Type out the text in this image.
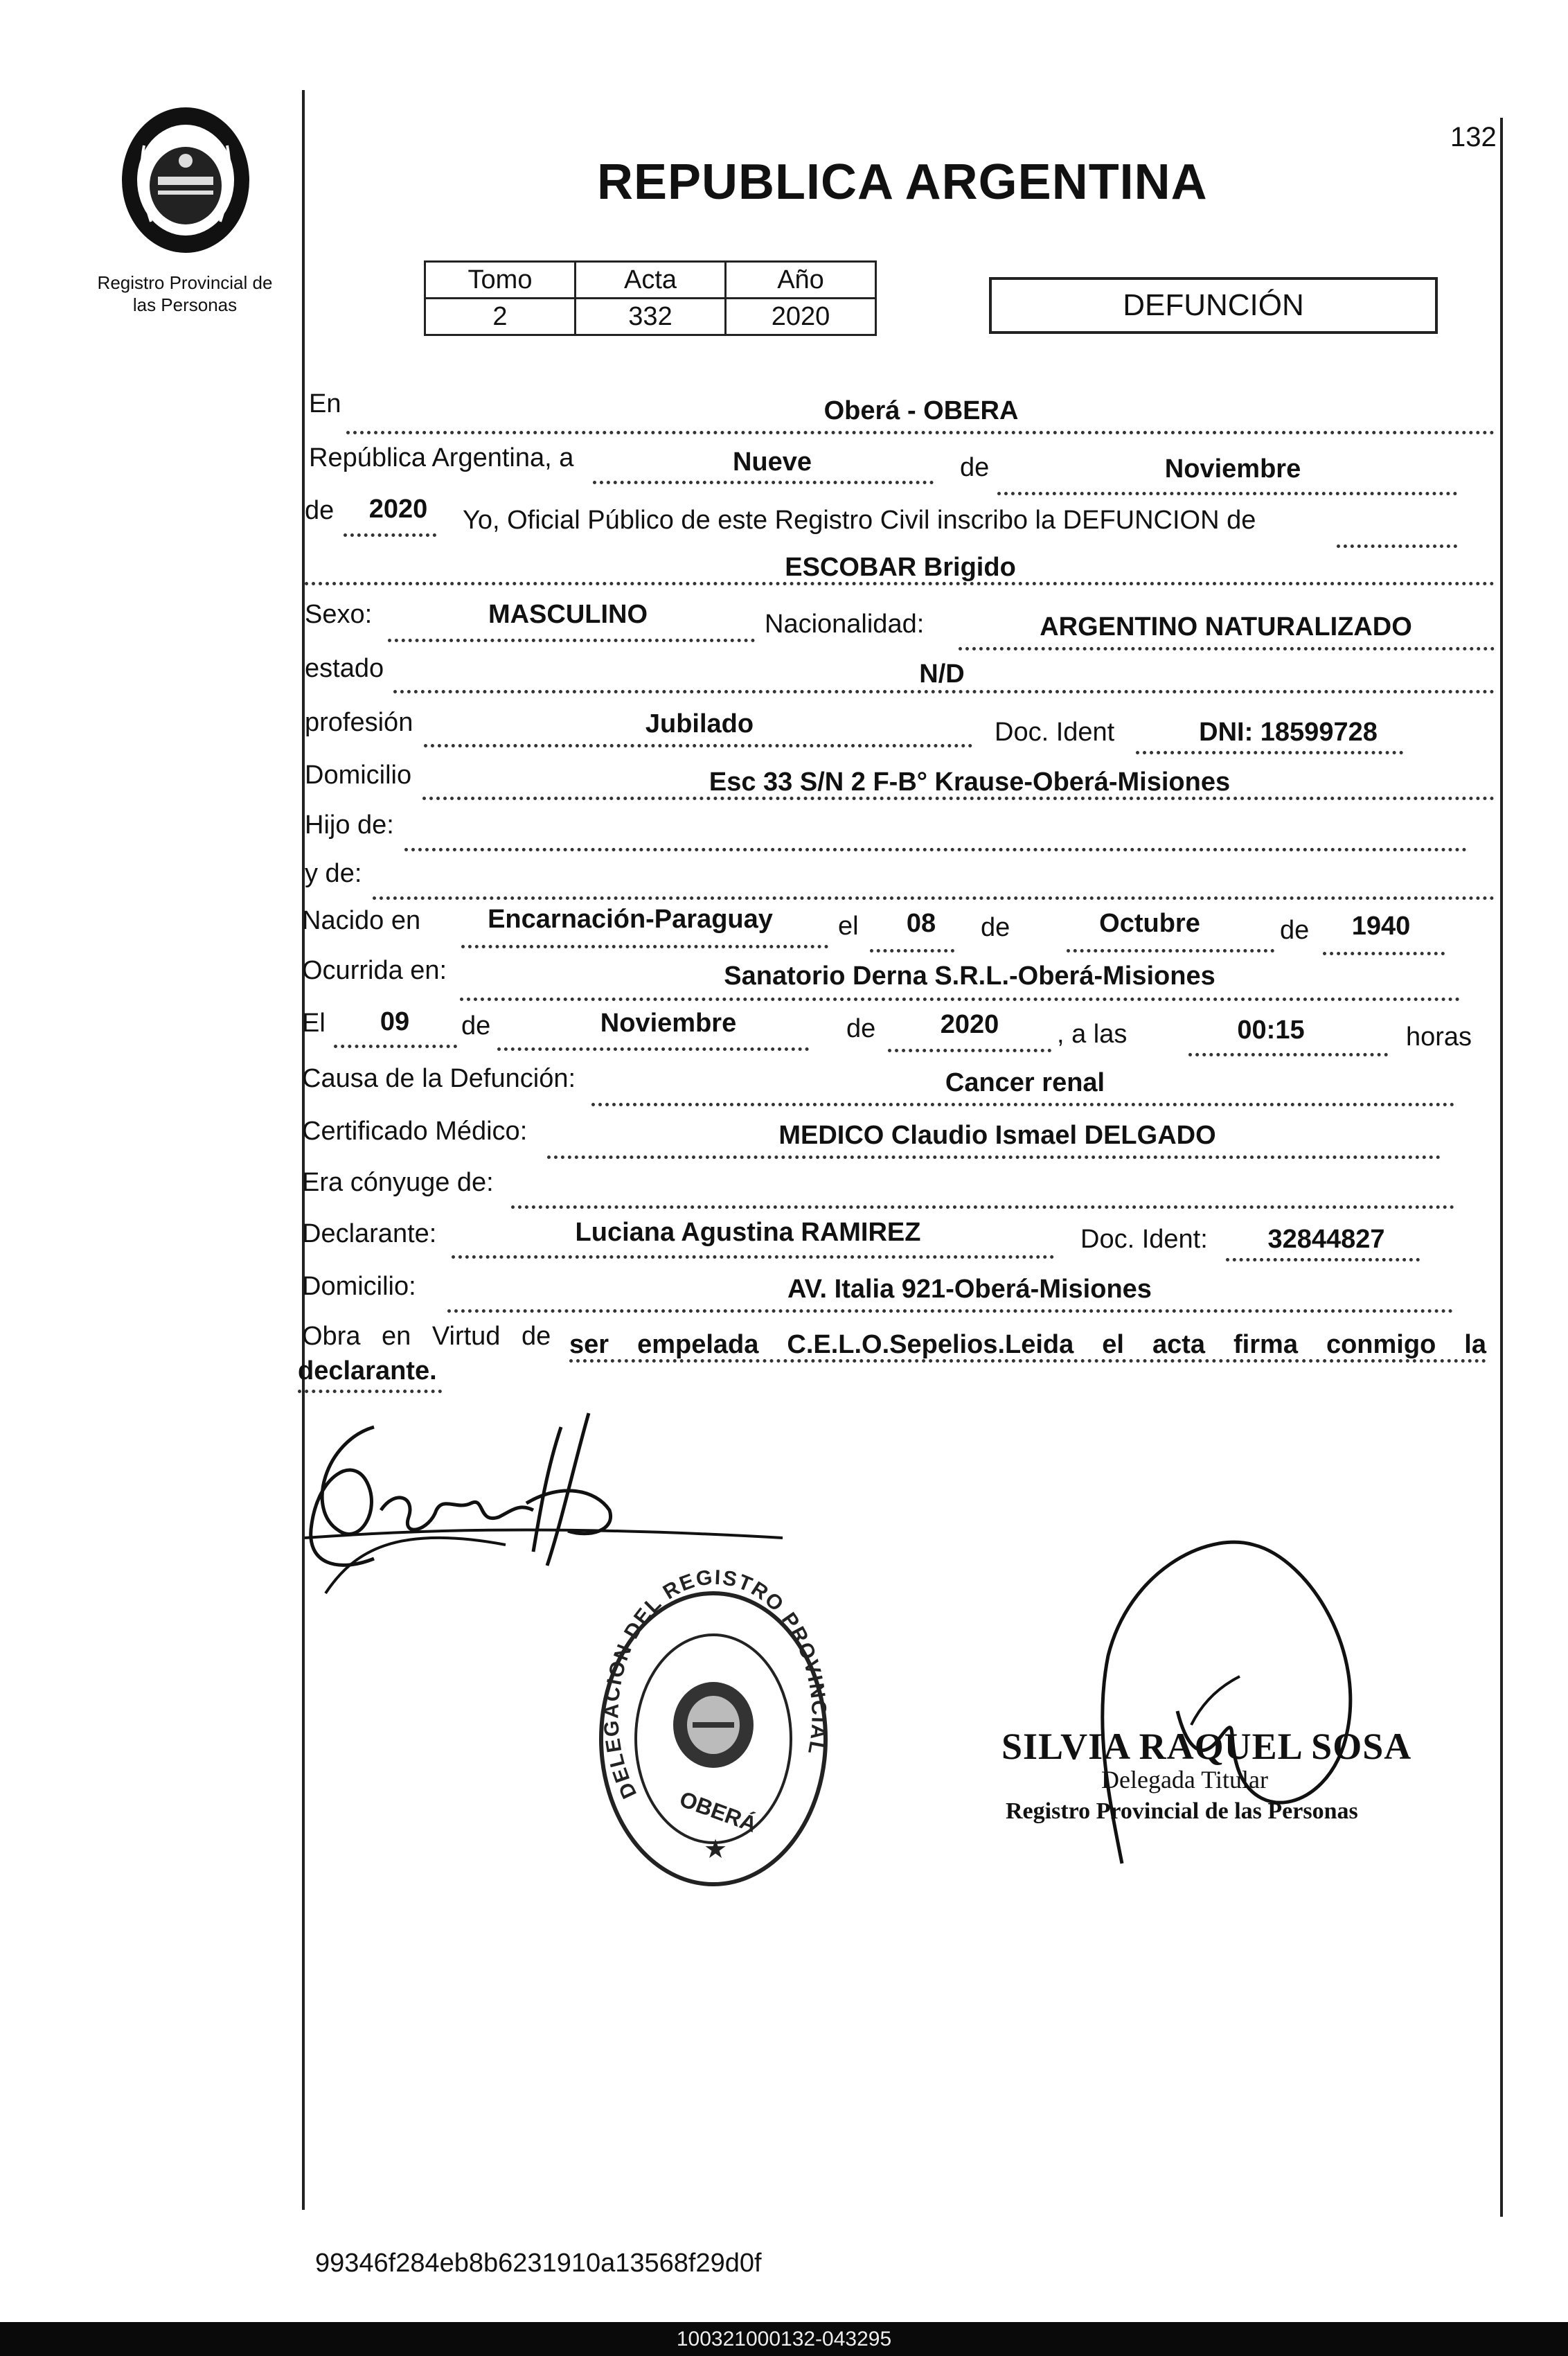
Registro Provincial de
las Personas
132
REPUBLICA ARGENTINA
Tomo	Acta	Año
2	332	2020	DEFUNCIÓN
En	Oberá - OBERA
República Argentina, a	Nueve	de	Noviembre
de	2020	Yo, Oficial Público de este Registro Civil inscribo la DEFUNCION de
ESCOBAR Brigido
Sexo:	MASCULINO	Nacionalidad:	ARGENTINO NATURALIZADO
estado	N/D
profesión	Jubilado	Doc. Ident	DNI: 18599728
Domicilio	Esc 33 S/N 2 F-B° Krause-Oberá-Misiones
Hijo de:
y de:
Nacido en	Encarnación-Paraguay	el	08	de	Octubre	de	1940
Ocurrida en:	Sanatorio Derna S.R.L.-Oberá-Misiones
El	09	de	Noviembre	de	2020	, a las	00:15	horas
Causa de la Defunción:	Cancer renal
Certificado Médico:	MEDICO Claudio Ismael DELGADO
Era cónyuge de:
Declarante:	Luciana Agustina RAMIREZ	Doc. Ident:	32844827
Domicilio:	AV. Italia 921-Oberá-Misiones
Obra en Virtud de ser empelada C.E.L.O.Sepelios.Leida el acta firma conmigo la
declarante.
DELEGACION DEL REGISTRO PROVINCIAL
OBERÁ
★
SILVIA RAQUEL SOSA
Delegada Titular
Registro Provincial de las Personas
99346f284eb8b6231910a13568f29d0f
100321000132-043295
